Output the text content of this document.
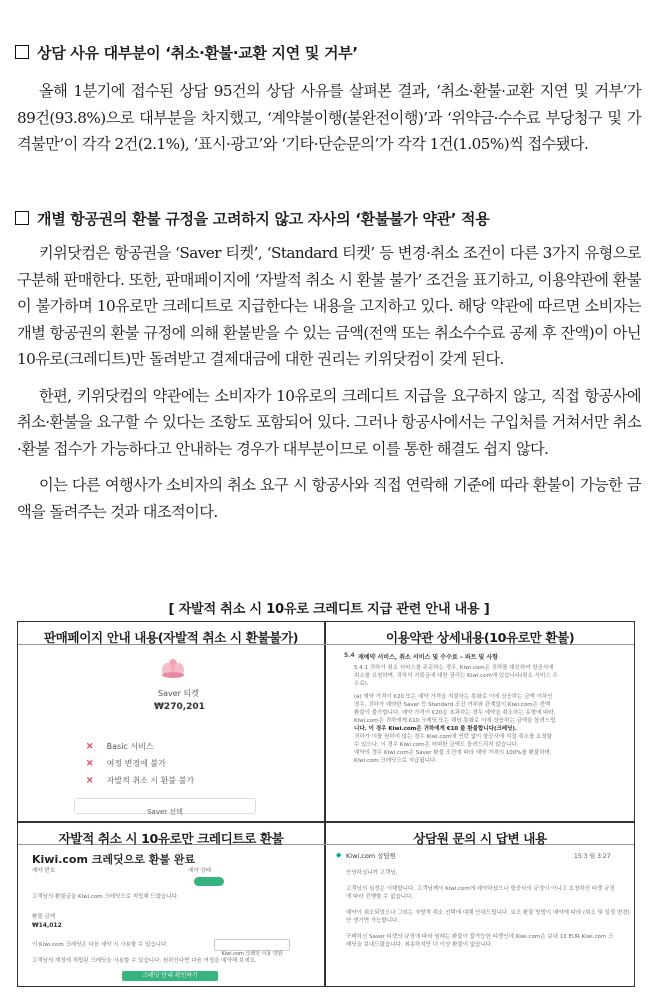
상담 사유 대부분이 ‘취소·환불·교환 지연 및 거부’

올해 1분기에 접수된 상담 95건의 상담 사유를 살펴본 결과, ‘취소·환불·교환 지연 및 거부’가 89건(93.8%)으로 대부분을 차지했고, ‘계약불이행(불완전이행)’과 ‘위약금·수수료 부당청구 및 가격불만’이 각각 2건(2.1%), ‘표시·광고’와 ‘기타·단순문의’가 각각 1건(1.05%)씩 접수됐다.

개별 항공권의 환불 규정을 고려하지 않고 자사의 ‘환불불가 약관’ 적용

키위닷컴은 항공권을 ‘Saver 티켓’, ‘Standard 티켓’ 등 변경·취소 조건이 다른 3가지 유형으로 구분해 판매한다. 또한, 판매페이지에 ‘자발적 취소 시 환불 불가’ 조건을 표기하고, 이용약관에 환불이 불가하며 10유로만 크레디트로 지급한다는 내용을 고지하고 있다. 해당 약관에 따르면 소비자는 개별 항공권의 환불 규정에 의해 환불받을 수 있는 금액(전액 또는 취소수수료 공제 후 잔액)이 아닌 10유로(크레디트)만 돌려받고 결제대금에 대한 권리는 키위닷컴이 갖게 된다.

한편, 키위닷컴의 약관에는 소비자가 10유로의 크레디트 지급을 요구하지 않고, 직접 항공사에 취소·환불을 요구할 수 있다는 조항도 포함되어 있다. 그러나 항공사에서는 구입처를 거쳐서만 취소·환불 접수가 가능하다고 안내하는 경우가 대부분이므로 이를 통한 해결도 쉽지 않다.

이는 다른 여행사가 소비자의 취소 요구 시 항공사와 직접 연락해 기준에 따라 환불이 가능한 금액을 돌려주는 것과 대조적이다.

[ 자발적 취소 시 10유로 크레디트 지급 관련 안내 내용 ]
판매페이지 안내 내용(자발적 취소 시 환불불가)
Saver 티켓
₩270,201
✕ Basic 서비스
✕ 여정 변경에 불가
✕ 자발적 취소 시 환불 불가
Saver 선택
이용약관 상세내용(10유로만 환불)
5.4 재예약 서비스, 취소 서비스 및 수수료 – 파트 및 사항
5.4.1 귀하가 취소 서비스를 주문하는 경우, Kiwi.com은 귀하를 대신하여 항공사에
취소를 요청하며, 귀하의 지불금에 대한 권리는 Kiwi.com에 있습니다(취소 서비스 수
수료).
(a) 예약 가격이 €20 또는 예약 가격을 지불하는 통화로 이에 상응하는 금액 이하인
경우, 귀하가 예약한 Saver 등 Standard 조건 여부와 관계없이 Kiwi.com은 전액
환불이 불가합니다. 예약 가격이 €20을 초과하는 경우 예약을 취소하는 유형에 따라,
Kiwi.com은 귀하에게 €10 크레딧 또는 해당 통화로 이에 상응하는 금액을 돌려드립
니다. 이 경우 Kiwi.com은 귀하에게 €10 를 환불합니다(크레딧).
귀하가 이를 원하지 않는 경우 Kiwi.com에 연락 없이 항공사에 직접 취소를 요청할
수 있으나, 이 경우 Kiwi.com은 어떠한 금액도 돌려드리지 않습니다.
예약의 경우 Kiwi.com은 Saver 환불 조건에 따라 예약 가격의 100%를 환불하며,
Kiwi.com 크레딧으로 지급됩니다.
자발적 취소 시 10유로만 크레디트로 환불
Kiwi.com 크레딧으로 환불 완료
예약 번호	예약 상태
환불 완료
고객님의 환불금을 Kiwi.com 크레딧으로 적립해 드렸습니다.
환불 금액
₩14,012
이 Kiwi.com 크레딧은 다음 예약 시 사용할 수 있습니다.
Kiwi.com 크레딧 이용 약관
고객님의 계정에 적립된 크레딧을 사용할 수 있습니다. 원하신다면 다음 여정을 예약해 보세요.
크레딧 안내 확인하기
상담원 문의 시 답변 내용
◆ Kiwi.com 상담원	15:3 월 3:27
안녕하십니까 고객님,
고객님의 심정은 이해합니다. 고객님께서 Kiwi.com에 예약하셨으나 항공사의 규정이 아니고 요청하신 티켓 규정
에 따라 진행할 수 없습니다.
예약이 취소되었으나 그외는 자발적 취소 선택에 대해 안내드립니다. 보조 환불 방법이 예약에 따라 (취소 및 일정 변경)
안 생기면 가능합니다.
구매하신 Saver 티켓의 규정에 따라 원래는 환불이 불가능한 티켓인데 Kiwi.com은 보내 10 EUR Kiwi.com 크
레딧을 보내드렸습니다. 죄송하지만 더 이상 환불이 없습니다.
